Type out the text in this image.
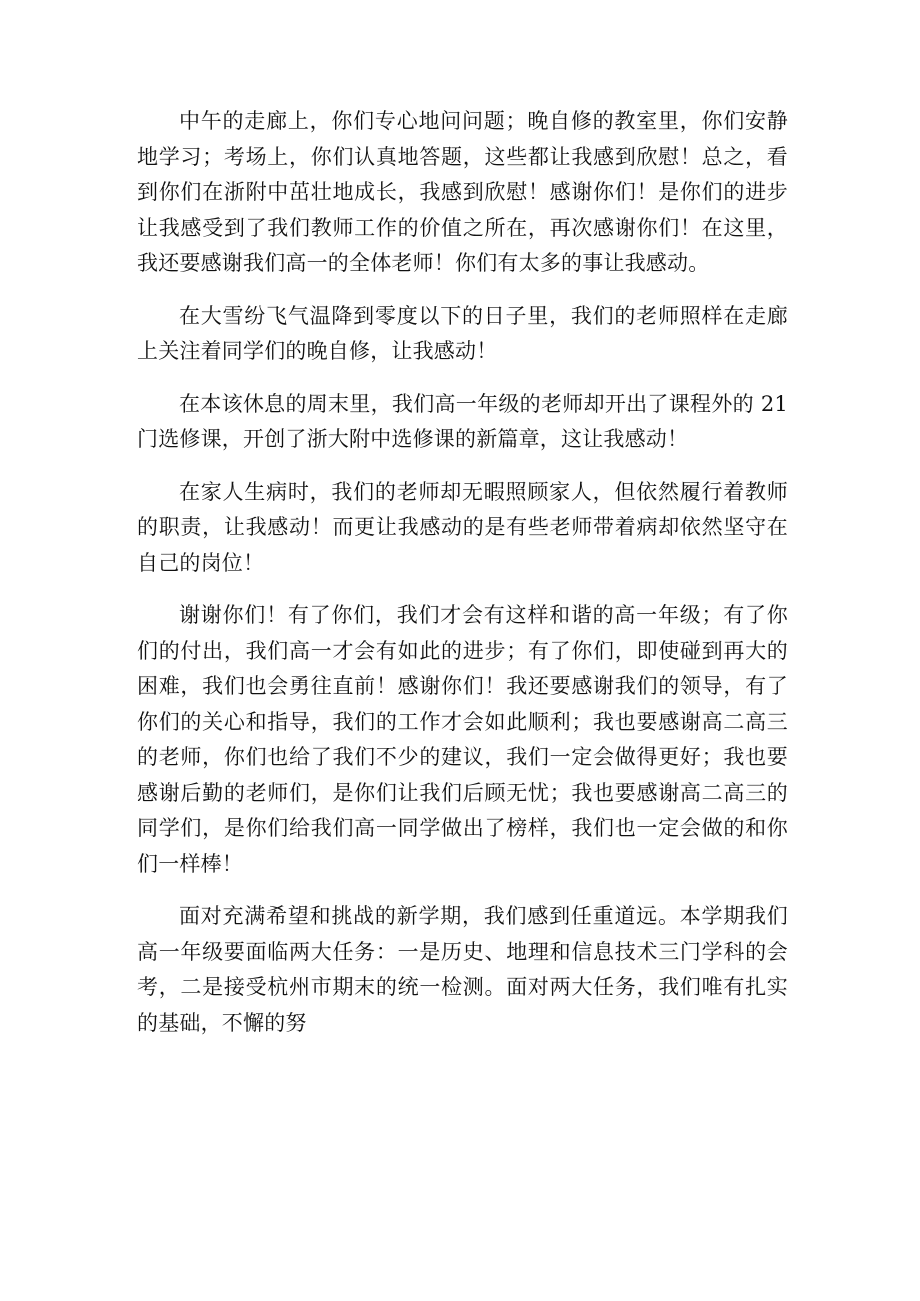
中午的走廊上，你们专心地问问题；晚自修的教室里，你们安静地学习；考场上，你们认真地答题，这些都让我感到欣慰！总之，看到你们在浙附中茁壮地成长，我感到欣慰！感谢你们！是你们的进步让我感受到了我们教师工作的价值之所在，再次感谢你们！在这里，我还要感谢我们高一的全体老师！你们有太多的事让我感动。

在大雪纷飞气温降到零度以下的日子里，我们的老师照样在走廊上关注着同学们的晚自修，让我感动！

在本该休息的周末里，我们高一年级的老师却开出了课程外的 21 门选修课，开创了浙大附中选修课的新篇章，这让我感动！

在家人生病时，我们的老师却无暇照顾家人，但依然履行着教师的职责，让我感动！而更让我感动的是有些老师带着病却依然坚守在自己的岗位！

谢谢你们！有了你们，我们才会有这样和谐的高一年级；有了你们的付出，我们高一才会有如此的进步；有了你们，即使碰到再大的困难，我们也会勇往直前！感谢你们！我还要感谢我们的领导，有了你们的关心和指导，我们的工作才会如此顺利；我也要感谢高二高三的老师，你们也给了我们不少的建议，我们一定会做得更好；我也要感谢后勤的老师们，是你们让我们后顾无忧；我也要感谢高二高三的同学们，是你们给我们高一同学做出了榜样，我们也一定会做的和你们一样棒！

面对充满希望和挑战的新学期，我们感到任重道远。本学期我们高一年级要面临两大任务：一是历史、地理和信息技术三门学科的会考，二是接受杭州市期末的统一检测。面对两大任务，我们唯有扎实的基础，不懈的努
